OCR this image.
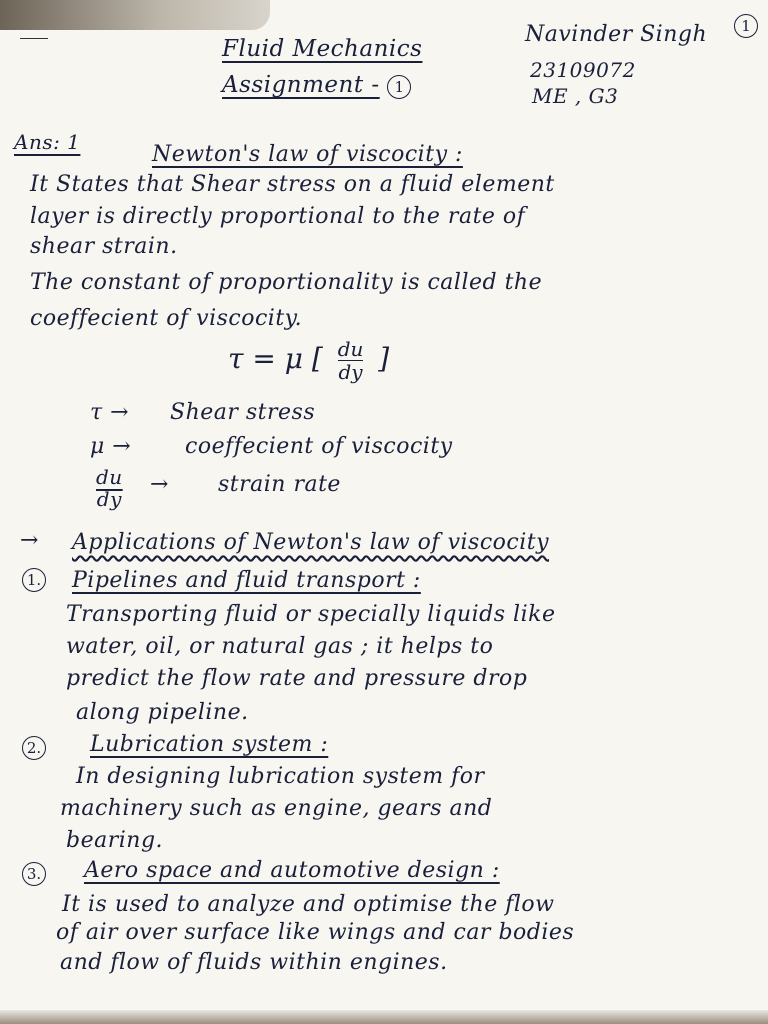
Fluid Mechanics
Assignment - 1
Navinder Singh	1
23109072
ME , G3
Ans: 1	Newton's law of viscocity :
It States that Shear stress on a fluid element
layer is directly proportional to the rate of
shear strain.
The constant of proportionality is called the
coeffecient of viscocity.
τ = μ [ $\frac{du}{dy}$ ]
τ → Shear stress
μ → coeffecient of viscocity
$\frac{du}{dy}$ → strain rate
→ Applications of Newton's law of viscocity
1. Pipelines and fluid transport :
Transporting fluid or specially liquids like
water, oil, or natural gas ; it helps to
predict the flow rate and pressure drop
along pipeline.
2. Lubrication system :
In designing lubrication system for
machinery such as engine, gears and
bearing.
3. Aero space and automotive design :
It is used to analyze and optimise the flow
of air over surface like wings and car bodies
and flow of fluids within engines.
